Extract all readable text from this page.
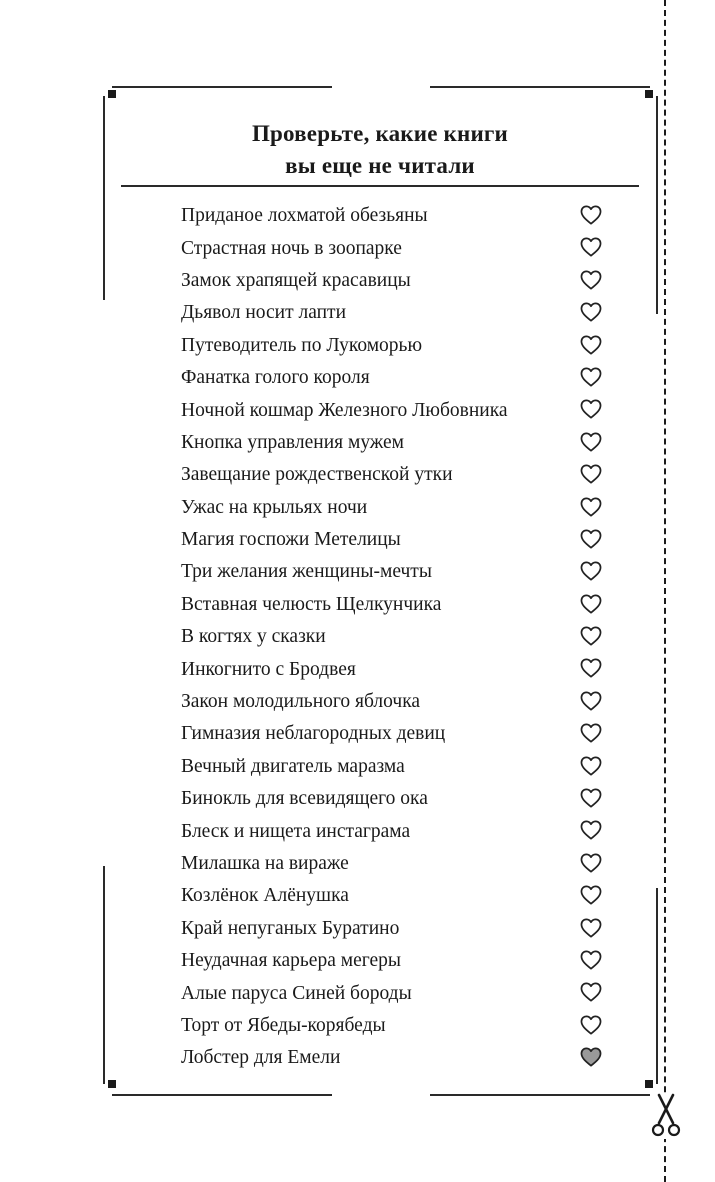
Проверьте, какие книги
вы еще не читали
Приданое лохматой обезьяны
Страстная ночь в зоопарке
Замок храпящей красавицы
Дьявол носит лапти
Путеводитель по Лукоморью
Фанатка голого короля
Ночной кошмар Железного Любовника
Кнопка управления мужем
Завещание рождественской утки
Ужас на крыльях ночи
Магия госпожи Метелицы
Три желания женщины-мечты
Вставная челюсть Щелкунчика
В когтях у сказки
Инкогнито с Бродвея
Закон молодильного яблочка
Гимназия неблагородных девиц
Вечный двигатель маразма
Бинокль для всевидящего ока
Блеск и нищета инстаграма
Милашка на вираже
Козлёнок Алёнушка
Край непуганых Буратино
Неудачная карьера мегеры
Алые паруса Синей бороды
Торт от Ябеды-корябеды
Лобстер для Емели
